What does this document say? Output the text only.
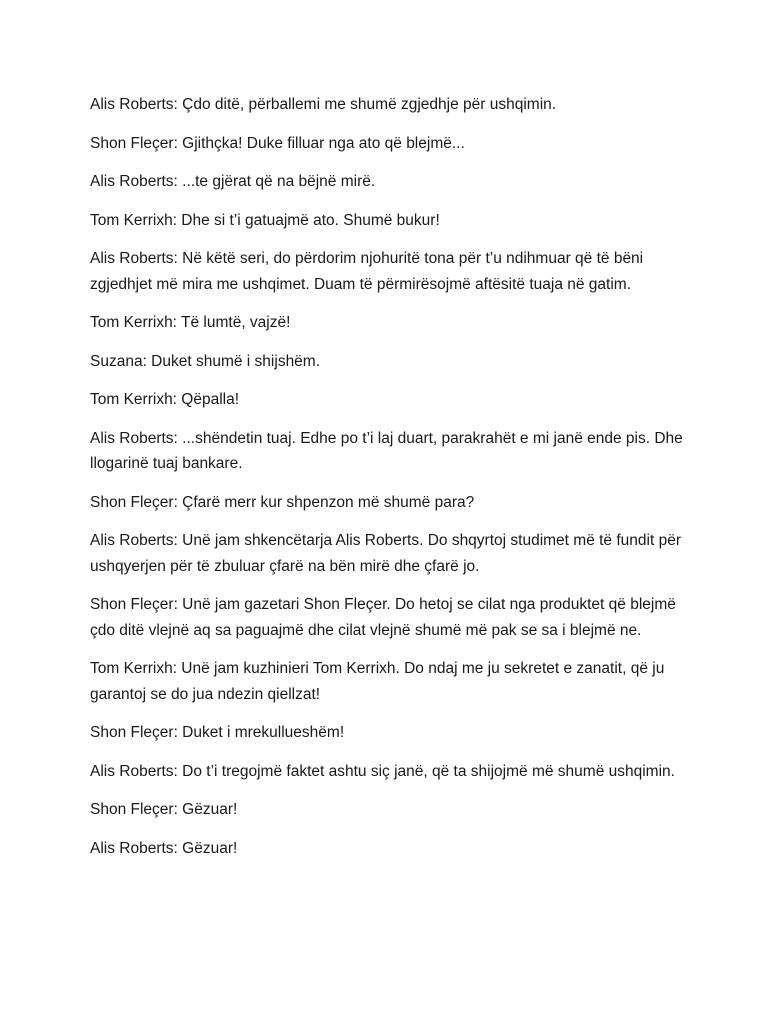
Alis Roberts: Çdo ditë, përballemi me shumë zgjedhje për ushqimin.

Shon Fleçer: Gjithçka! Duke filluar nga ato që blejmë...

Alis Roberts: ...te gjërat që na bëjnë mirë.

Tom Kerrixh: Dhe si t’i gatuajmë ato. Shumë bukur!

Alis Roberts: Në këtë seri, do përdorim njohuritë tona për t’u ndihmuar që të bëni zgjedhjet më mira me ushqimet. Duam të përmirësojmë aftësitë tuaja në gatim.

Tom Kerrixh: Të lumtë, vajzë!

Suzana: Duket shumë i shijshëm.

Tom Kerrixh: Qëpalla!

Alis Roberts: ...shëndetin tuaj. Edhe po t’i laj duart, parakrahët e mi janë ende pis. Dhe llogarinë tuaj bankare.

Shon Fleçer: Çfarë merr kur shpenzon më shumë para?

Alis Roberts: Unë jam shkencëtarja Alis Roberts. Do shqyrtoj studimet më të fundit për ushqyerjen për të zbuluar çfarë na bën mirë dhe çfarë jo.

Shon Fleçer: Unë jam gazetari Shon Fleçer. Do hetoj se cilat nga produktet që blejmë çdo ditë vlejnë aq sa paguajmë dhe cilat vlejnë shumë më pak se sa i blejmë ne.

Tom Kerrixh: Unë jam kuzhinieri Tom Kerrixh. Do ndaj me ju sekretet e zanatit, që ju garantoj se do jua ndezin qiellzat!

Shon Fleçer: Duket i mrekullueshëm!

Alis Roberts: Do t’i tregojmë faktet ashtu siç janë, që ta shijojmë më shumë ushqimin.

Shon Fleçer: Gëzuar!

Alis Roberts: Gëzuar!
